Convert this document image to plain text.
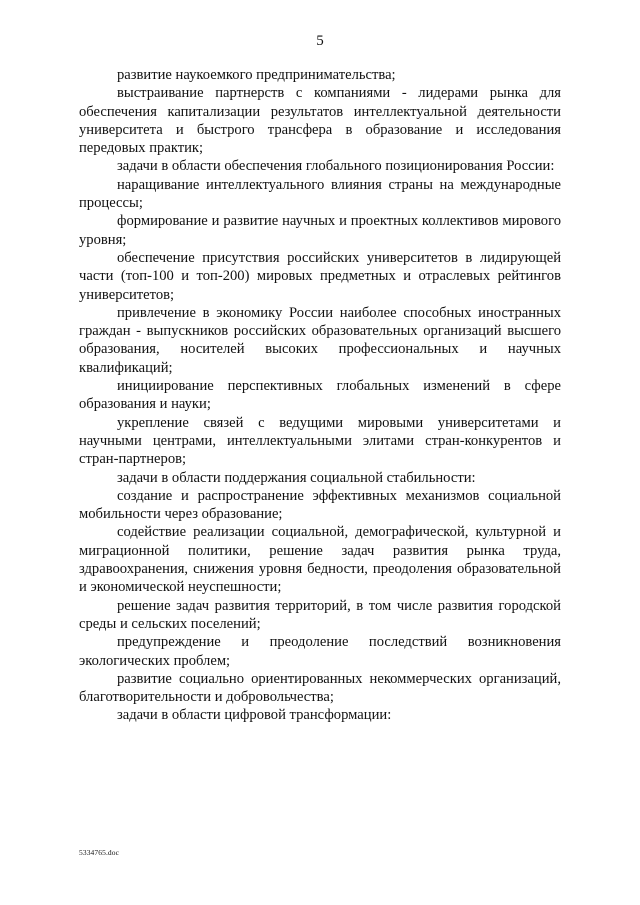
5

развитие наукоемкого предпринимательства;

выстраивание партнерств с компаниями - лидерами рынка для обеспечения капитализации результатов интеллектуальной деятельности университета и быстрого трансфера в образование и исследования передовых практик;

задачи в области обеспечения глобального позиционирования России:

наращивание интеллектуального влияния страны на международные процессы;

формирование и развитие научных и проектных коллективов мирового уровня;

обеспечение присутствия российских университетов в лидирующей части (топ-100 и топ-200) мировых предметных и отраслевых рейтингов университетов;

привлечение в экономику России наиболее способных иностранных граждан - выпускников российских образовательных организаций высшего образования, носителей высоких профессиональных и научных квалификаций;

инициирование перспективных глобальных изменений в сфере образования и науки;

укрепление связей с ведущими мировыми университетами и научными центрами, интеллектуальными элитами стран-конкурентов и стран-партнеров;

задачи в области поддержания социальной стабильности:

создание и распространение эффективных механизмов социальной мобильности через образование;

содействие реализации социальной, демографической, культурной и миграционной политики, решение задач развития рынка труда, здравоохранения, снижения уровня бедности, преодоления образовательной и экономической неуспешности;

решение задач развития территорий, в том числе развития городской среды и сельских поселений;

предупреждение и преодоление последствий возникновения экологических проблем;

развитие социально ориентированных некоммерческих организаций, благотворительности и добровольчества;

задачи в области цифровой трансформации:

5334765.doc
